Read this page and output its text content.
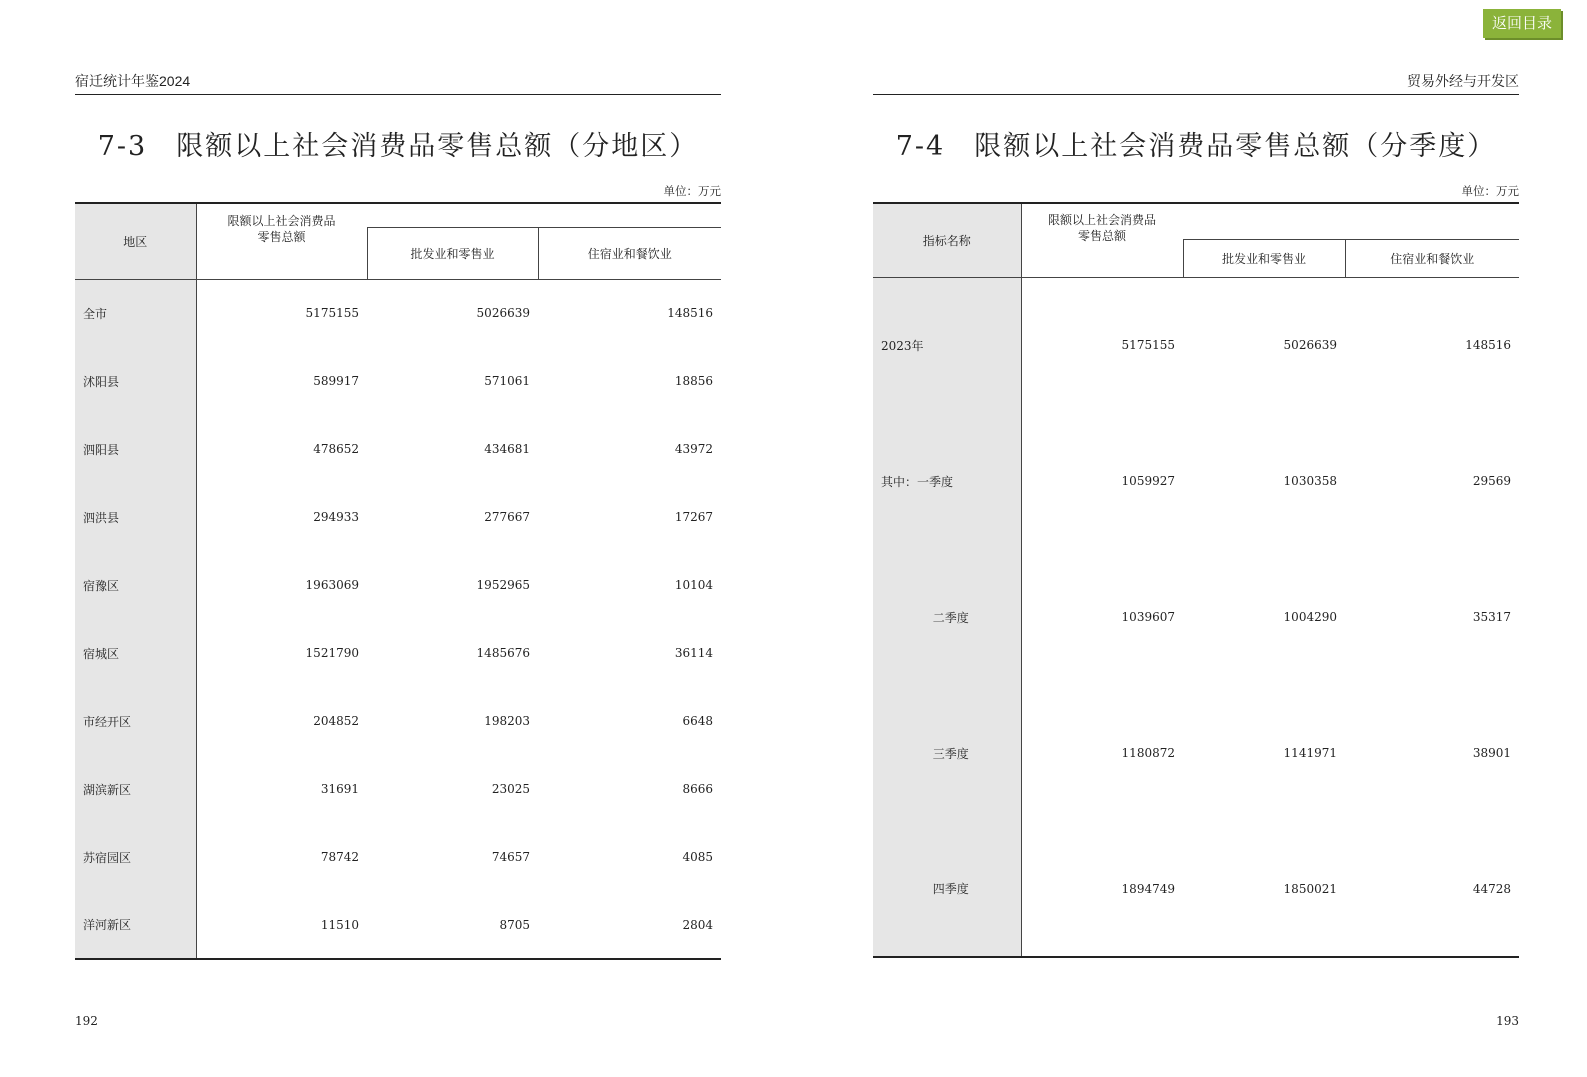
返回目录
宿迁统计年鉴2024
7-3　限额以上社会消费品零售总额（分地区）
单位：万元
地区	限额以上社会消费品
零售总额		
		批发业和零售业	住宿业和餐饮业
全市	5175155	5026639	148516
沭阳县	589917	571061	18856
泗阳县	478652	434681	43972
泗洪县	294933	277667	17267
宿豫区	1963069	1952965	10104
宿城区	1521790	1485676	36114
市经开区	204852	198203	6648
湖滨新区	31691	23025	8666
苏宿园区	78742	74657	4085
洋河新区	11510	8705	2804
192
贸易外经与开发区
7-4　限额以上社会消费品零售总额（分季度）
单位：万元
指标名称	限额以上社会消费品
零售总额		
		批发业和零售业	住宿业和餐饮业
2023年	5175155	5026639	148516
其中：一季度	1059927	1030358	29569
二季度	1039607	1004290	35317
三季度	1180872	1141971	38901
四季度	1894749	1850021	44728
193
